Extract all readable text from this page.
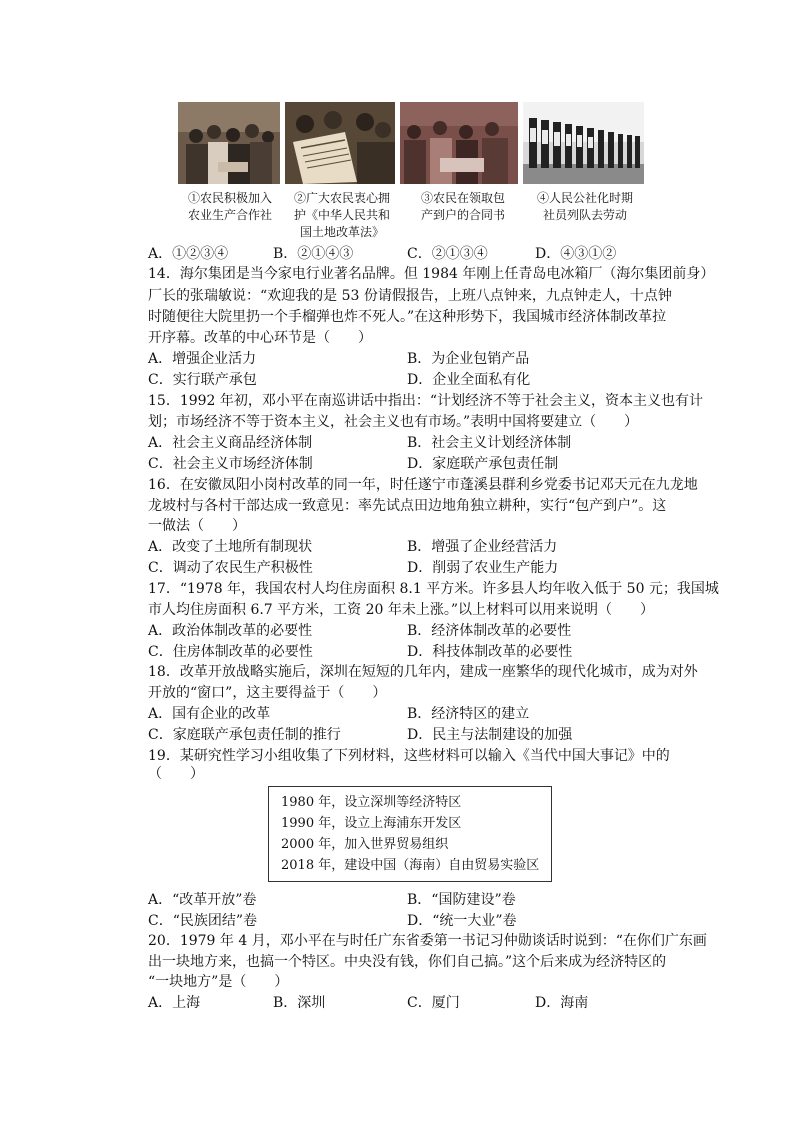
①农民积极加入
农业生产合作社
②广大农民衷心拥
护《中华人民共和
国土地改革法》
③农民在领取包
产到户的合同书
④人民公社化时期
社员列队去劳动
A．①②③④	B．②①④③	C．②①③④	D．④③①②
14．海尔集团是当今家电行业著名品牌。但 1984 年刚上任青岛电冰箱厂（海尔集团前身）
厂长的张瑞敏说：“欢迎我的是 53 份请假报告，上班八点钟来，九点钟走人，十点钟
时随便往大院里扔一个手榴弹也炸不死人。”在这种形势下，我国城市经济体制改革拉
开序幕。改革的中心环节是（　　）
A．增强企业活力	B．为企业包销产品
C．实行联产承包	D．企业全面私有化
15．1992 年初，邓小平在南巡讲话中指出：“计划经济不等于社会主义，资本主义也有计
划；市场经济不等于资本主义，社会主义也有市场。”表明中国将要建立（　　）
A．社会主义商品经济体制	B．社会主义计划经济体制
C．社会主义市场经济体制	D．家庭联产承包责任制
16．在安徽凤阳小岗村改革的同一年，时任遂宁市蓬溪县群利乡党委书记邓天元在九龙地
龙坡村与各村干部达成一致意见：率先试点田边地角独立耕种，实行“包产到户”。这
一做法（　　）
A．改变了土地所有制现状	B．增强了企业经营活力
C．调动了农民生产积极性	D．削弱了农业生产能力
17．“1978 年，我国农村人均住房面积 8.1 平方米。许多县人均年收入低于 50 元；我国城
市人均住房面积 6.7 平方米，工资 20 年未上涨。”以上材料可以用来说明（　　）
A．政治体制改革的必要性	B．经济体制改革的必要性
C．住房体制改革的必要性	D．科技体制改革的必要性
18．改革开放战略实施后，深圳在短短的几年内，建成一座繁华的现代化城市，成为对外
开放的“窗口”，这主要得益于（　　）
A．国有企业的改革	B．经济特区的建立
C．家庭联产承包责任制的推行	D．民主与法制建设的加强
19．某研究性学习小组收集了下列材料，这些材料可以输入《当代中国大事记》中的
（　　）
1980 年，设立深圳等经济特区
1990 年，设立上海浦东开发区
2000 年，加入世界贸易组织
2018 年，建设中国（海南）自由贸易实验区
A．“改革开放”卷	B．“国防建设”卷
C．“民族团结”卷	D．“统一大业”卷
20．1979 年 4 月，邓小平在与时任广东省委第一书记习仲勋谈话时说到：“在你们广东画
出一块地方来，也搞一个特区。中央没有钱，你们自己搞。”这个后来成为经济特区的
“一块地方”是（　　）
A．上海	B．深圳	C．厦门	D．海南
